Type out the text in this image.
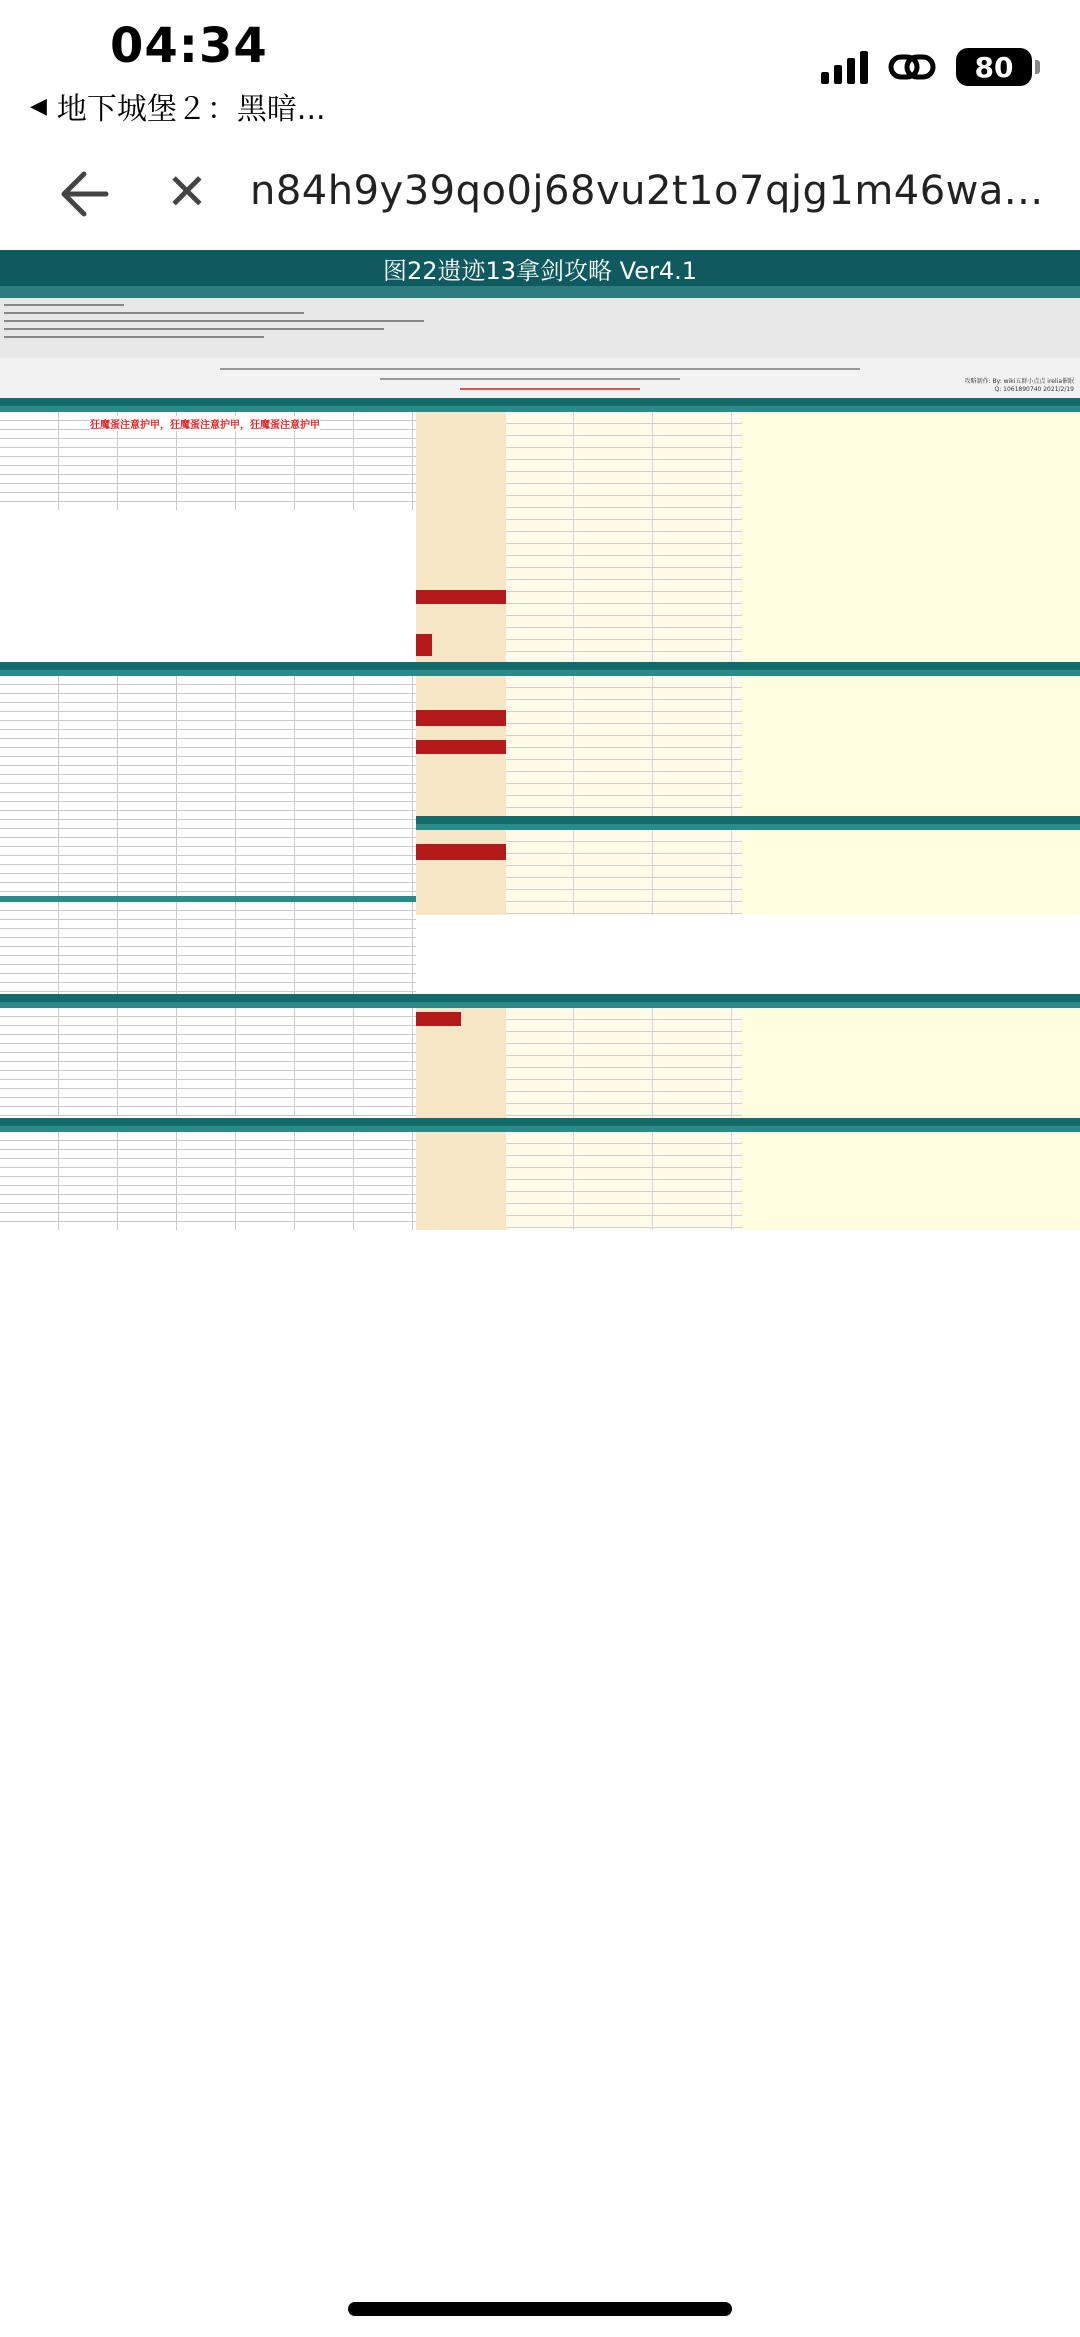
04:34
◀ 地下城堡２：黑暗...
80
✕ n84h9y39qo0j68vu2t1o7qjg1m46wa...
图22遗迹13拿剑攻略 Ver4.1
攻略制作: By: wiki五群小点点 irelia催眠
Q: 1061890740 2021/2/19
狂魔蛋注意护甲，狂魔蛋注意护甲，狂魔蛋注意护甲
